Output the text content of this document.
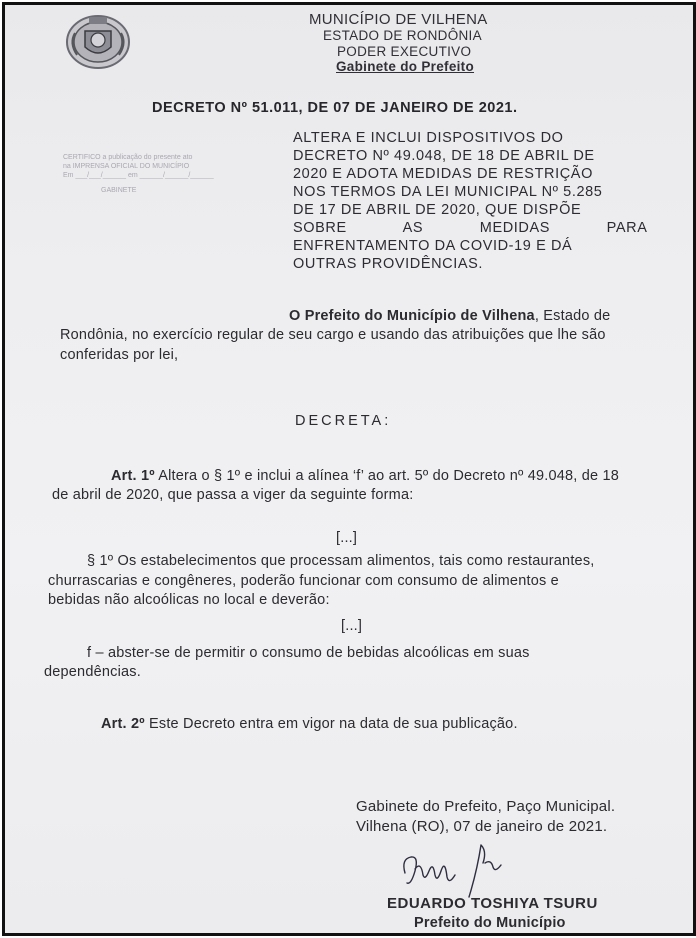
MUNICÍPIO DE VILHENA
ESTADO DE RONDÔNIA
PODER EXECUTIVO
Gabinete do Prefeito
DECRETO Nº 51.011, DE 07 DE JANEIRO DE 2021.
CERTIFICO a publicação do presente ato
na IMPRENSA OFICIAL DO MUNICÍPIO
Em ___/___/______ em ______/______/______
GABINETE
ALTERA E INCLUI DISPOSITIVOS DO
DECRETO Nº 49.048, DE 18 DE ABRIL DE
2020 E ADOTA MEDIDAS DE RESTRIÇÃO
NOS TERMOS DA LEI MUNICIPAL Nº 5.285
DE 17 DE ABRIL DE 2020, QUE DISPÕE
SOBRE AS MEDIDAS PARA
ENFRENTAMENTO DA COVID-19 E DÁ
OUTRAS PROVIDÊNCIAS.
O Prefeito do Município de Vilhena, Estado de
Rondônia, no exercício regular de seu cargo e usando das atribuições que lhe são
conferidas por lei,
DECRETA:
Art. 1º Altera o § 1º e inclui a alínea ‘f’ ao art. 5º do Decreto nº 49.048, de 18
de abril de 2020, que passa a viger da seguinte forma:
[...]
§ 1º Os estabelecimentos que processam alimentos, tais como restaurantes,
churrascarias e congêneres, poderão funcionar com consumo de alimentos e
bebidas não alcoólicas no local e deverão:
[...]
f – abster-se de permitir o consumo de bebidas alcoólicas em suas
dependências.
Art. 2º Este Decreto entra em vigor na data de sua publicação.
Gabinete do Prefeito, Paço Municipal.
Vilhena (RO), 07 de janeiro de 2021.
EDUARDO TOSHIYA TSURU
Prefeito do Município
